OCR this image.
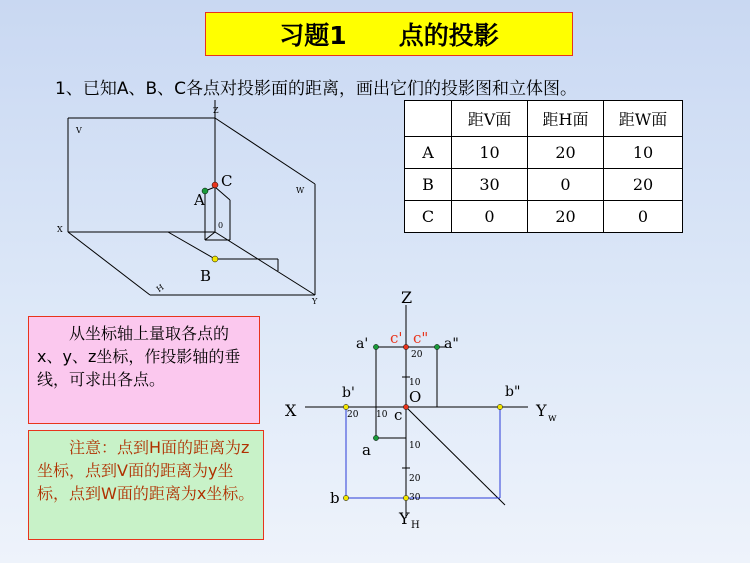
习题1      点的投影
1、已知A、B、C各点对投影面的距离，画出它们的投影图和立体图。
	距V面	距H面	距W面
A	10	20	10
B	30	0	20
C	0	20	0
　　从坐标轴上量取各点的x、y、z坐标，作投影轴的垂线，可求出各点。
　　注意：点到H面的距离为z坐标，点到V面的距离为y坐标，点到W面的距离为x坐标。
V
W
H
X
Y
Z
0
A
C
B
Z
X	Y w
Y H
O
a' c' c" a"
b'	b"
c
a
b
20
10
10
20
10
20
30
